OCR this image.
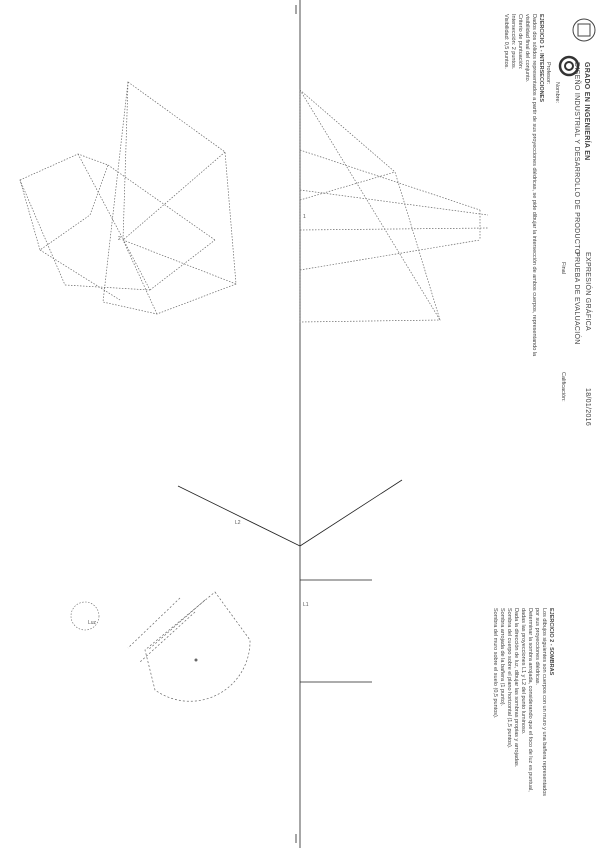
GRADO EN INGENIERÍA EN
DISEÑO INDUSTRIAL Y DESARROLLO DE PRODUCTO
EXPRESIÓN GRÁFICA
PRUEBA DE EVALUACIÓN
18/01/2016
Final
Calificación:
Nombre:
Profesor:
EJERCICIO 1 - INTERSECCIONES
Dados dos sólidos representados a partir de sus proyecciones diédricas, se pide dibujar la intersección de ambos cuerpos, representando la
visibilidad final del conjunto.
Criterio de puntuación:
Intersección: 2 puntos.
Visibilidad: 0,5 puntos.
EJERCICIO 2 - SOMBRAS
Los dibujos siguientes son cuerpos con un muro y una bañera representados
por sus proyecciones diédricas.
Determinar la sombra arrojada, considerando que el foco de luz es puntual,
dadas las proyecciones L1 y L2 del punto luminoso.
Dada la dirección de luz, dibujar las sombras propias y arrojadas.
Sombra del cuerpo sobre el plano horizontal (1,5 puntos).
Sombra arrojada de la bañera (1 punto).
Sombra del muro sobre el suelo (0,5 puntos).
1
2
L1
L2
Luz
